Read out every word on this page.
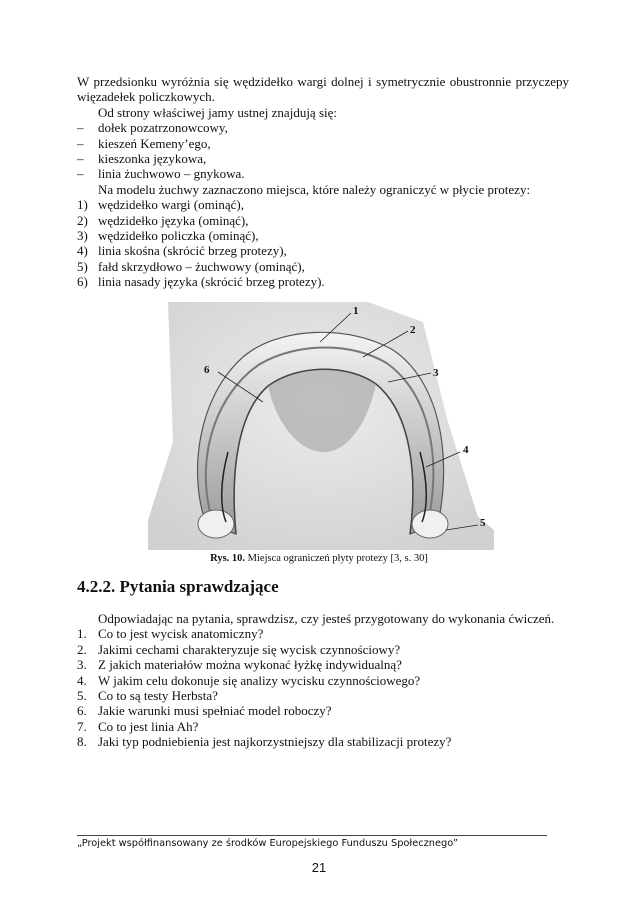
W przedsionku wyróżnia się wędzidełko wargi dolnej i symetrycznie obustronnie przyczepy więzadełek policzkowych.

Od strony właściwej jamy ustnej znajdują się:

–	dołek pozatrzonowcowy,
–	kieszeń Kemeny’ego,
–	kieszonka językowa,
–	linia żuchwowo – gnykowa.

Na modelu żuchwy zaznaczono miejsca, które należy ograniczyć w płycie protezy:

1) wędzidełko wargi (ominąć),
2) wędzidełko języka (ominąć),
3) wędzidełko policzka (ominąć),
4) linia skośna (skrócić brzeg protezy),
5) fałd skrzydłowo – żuchwowy (ominąć),
6) linia nasady języka (skrócić brzeg protezy).
1
2
3
4
5
6
Rys. 10. Miejsca ograniczeń płyty protezy [3, s. 30]
4.2.2. Pytania sprawdzające

Odpowiadając na pytania, sprawdzisz, czy jesteś przygotowany do wykonania ćwiczeń.

1. Co to jest wycisk anatomiczny?
2. Jakimi cechami charakteryzuje się wycisk czynnościowy?
3. Z jakich materiałów można wykonać łyżkę indywidualną?
4. W jakim celu dokonuje się analizy wycisku czynnościowego?
5. Co to są testy Herbsta?
6. Jakie warunki musi spełniać model roboczy?
7. Co to jest linia Ah?
8. Jaki typ podniebienia jest najkorzystniejszy dla stabilizacji protezy?
„Projekt współfinansowany ze środków Europejskiego Funduszu Społecznego”
21
